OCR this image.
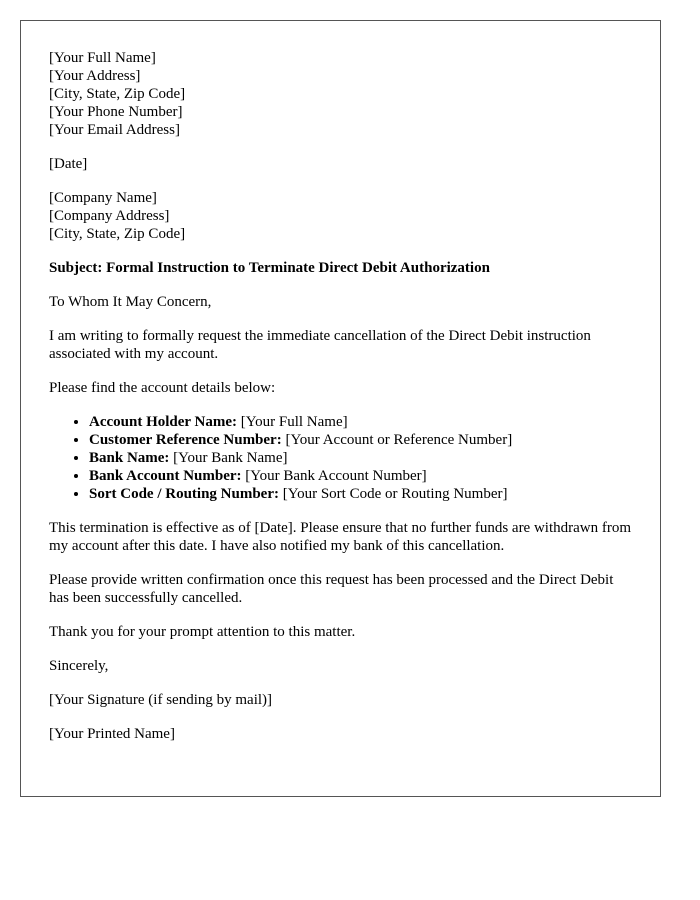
[Your Full Name]
[Your Address]
[City, State, Zip Code]
[Your Phone Number]
[Your Email Address]
[Date]
[Company Name]
[Company Address]
[City, State, Zip Code]
Subject: Formal Instruction to Terminate Direct Debit Authorization
To Whom It May Concern,
I am writing to formally request the immediate cancellation of the Direct Debit instruction associated with my account.
Please find the account details below:
• Account Holder Name: [Your Full Name]
• Customer Reference Number: [Your Account or Reference Number]
• Bank Name: [Your Bank Name]
• Bank Account Number: [Your Bank Account Number]
• Sort Code / Routing Number: [Your Sort Code or Routing Number]
This termination is effective as of [Date]. Please ensure that no further funds are withdrawn from my account after this date. I have also notified my bank of this cancellation.
Please provide written confirmation once this request has been processed and the Direct Debit has been successfully cancelled.
Thank you for your prompt attention to this matter.
Sincerely,
[Your Signature (if sending by mail)]
[Your Printed Name]
